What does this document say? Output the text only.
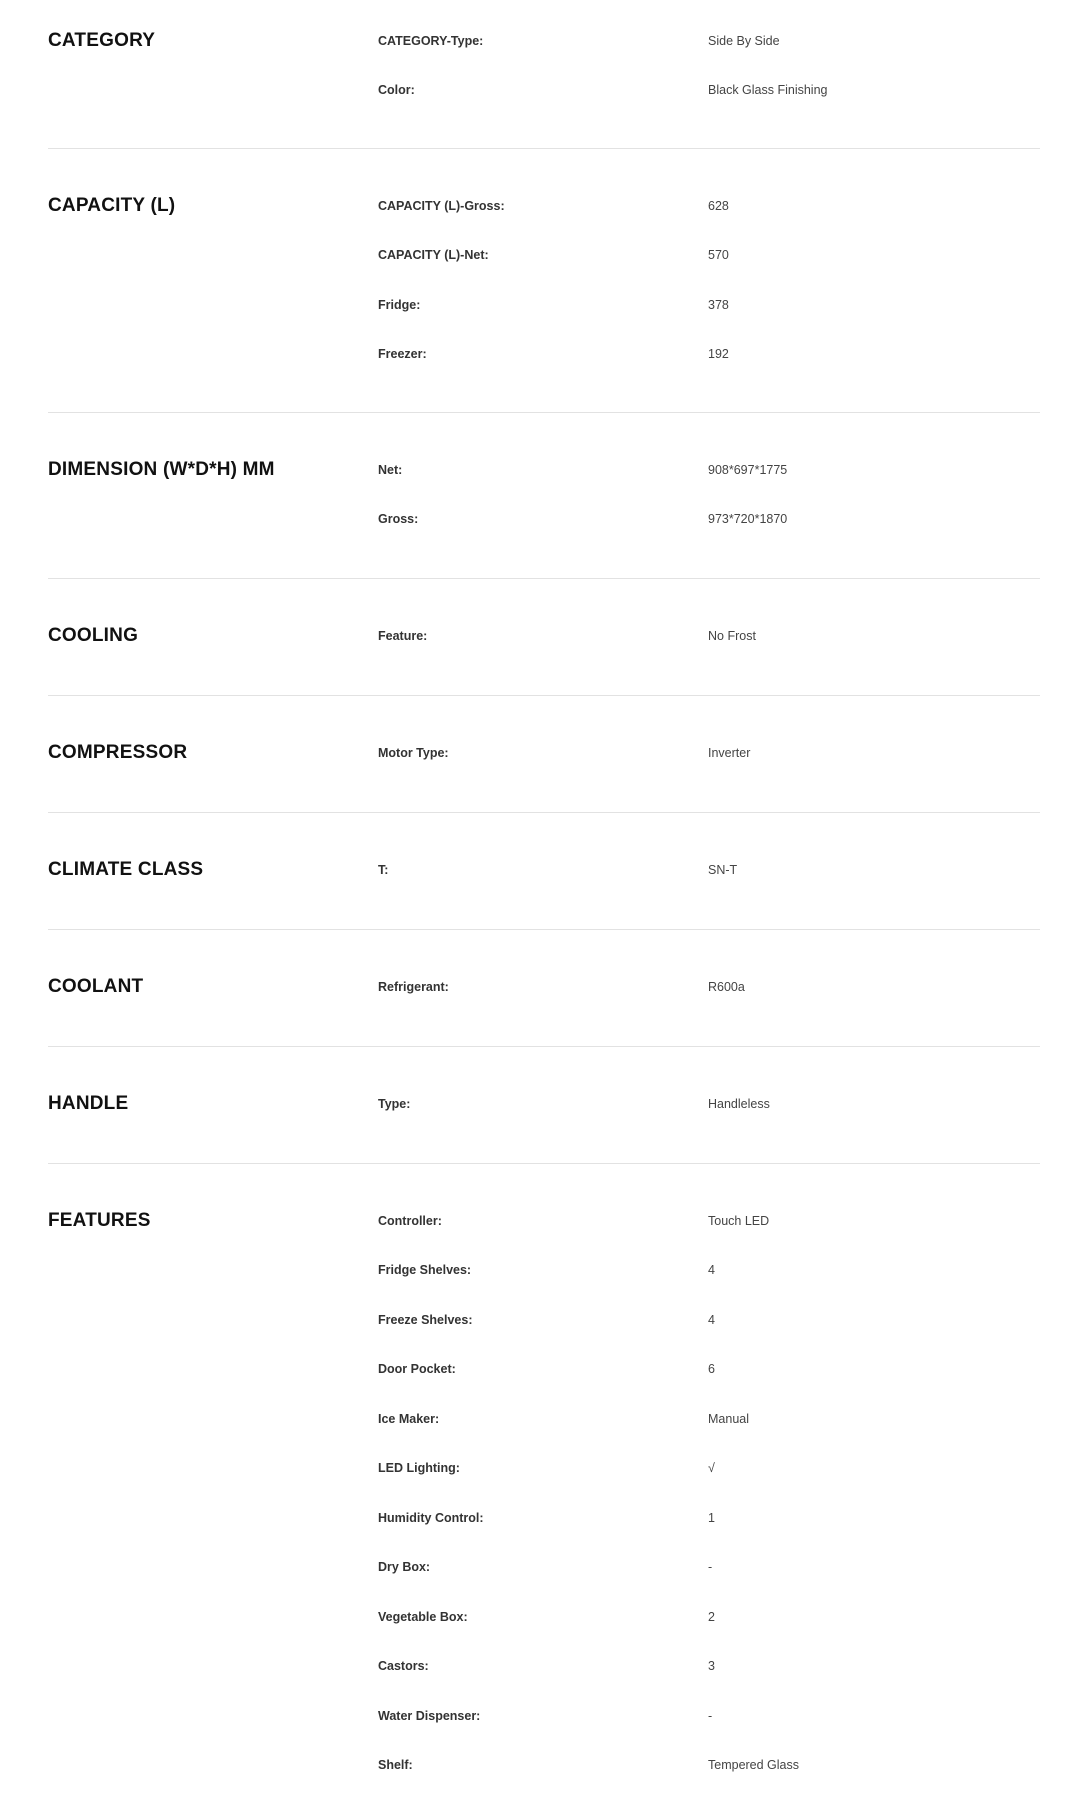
CATEGORY	CATEGORY-Type:	Side By Side
Color:	Black Glass Finishing
CAPACITY (L)	CAPACITY (L)-Gross:	628
CAPACITY (L)-Net:	570
Fridge:	378
Freezer:	192
DIMENSION (W*D*H) MM	Net:	908*697*1775
Gross:	973*720*1870
COOLING	Feature:	No Frost
COMPRESSOR	Motor Type:	Inverter
CLIMATE CLASS	T:	SN-T
COOLANT	Refrigerant:	R600a
HANDLE	Type:	Handleless
FEATURES	Controller:	Touch LED
Fridge Shelves:	4
Freeze Shelves:	4
Door Pocket:	6
Ice Maker:	Manual
LED Lighting:	√
Humidity Control:	1
Dry Box:	-
Vegetable Box:	2
Castors:	3
Water Dispenser:	-
Shelf:	Tempered Glass
